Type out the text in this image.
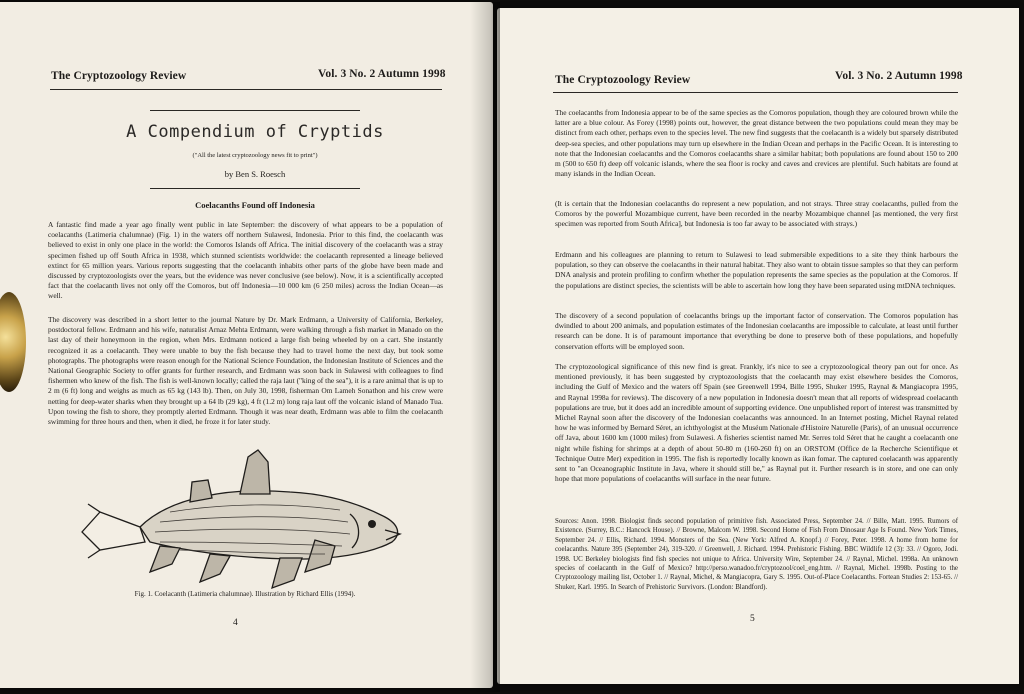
The Cryptozoology Review	Vol. 3 No. 2 Autumn 1998
A Compendium of Cryptids
("All the latest cryptozoology news fit to print")
by Ben S. Roesch
Coelacanths Found off Indonesia

A fantastic find made a year ago finally went public in late September: the discovery of what appears to be a population of coelacanths (Latimeria chalumnae) (Fig. 1) in the waters off northern Sulawesi, Indonesia. Prior to this find, the coelacanth was believed to exist in only one place in the world: the Comoros Islands off Africa. The initial discovery of the coelacanth was a stray specimen fished up off South Africa in 1938, which stunned scientists worldwide: the coelacanth represented a lineage believed extinct for 65 million years. Various reports suggesting that the coelacanth inhabits other parts of the globe have been made and discussed by cryptozoologists over the years, but the evidence was never conclusive (see below). Now, it is a scientifically accepted fact that the coelacanth lives not only off the Comoros, but off Indonesia—10 000 km (6 250 miles) across the Indian Ocean—as well.

The discovery was described in a short letter to the journal Nature by Dr. Mark Erdmann, a University of California, Berkeley, postdoctoral fellow. Erdmann and his wife, naturalist Arnaz Mehta Erdmann, were walking through a fish market in Manado on the last day of their honeymoon in the region, when Mrs. Erdmann noticed a large fish being wheeled by on a cart. She instantly recognized it as a coelacanth. They were unable to buy the fish because they had to travel home the next day, but took some photographs. The photographs were reason enough for the National Science Foundation, the Indonesian Institute of Sciences and the National Geographic Society to offer grants for further research, and Erdmann was soon back in Sulawesi with colleagues to find fishermen who knew of the fish. The fish is well-known locally; called the raja laut ("king of the sea"), it is a rare animal that is up to 2 m (6 ft) long and weighs as much as 65 kg (143 lb). Then, on July 30, 1998, fisherman Om Lameh Sonathon and his crew were netting for deep-water sharks when they brought up a 64 lb (29 kg), 4 ft (1.2 m) long raja laut off the volcanic island of Manado Tua. Upon towing the fish to shore, they promptly alerted Erdmann. Though it was near death, Erdmann was able to film the coelacanth swimming for three hours and then, when it died, he froze it for later study.

Fig. 1. Coelacanth (Latimeria chalumnae). Illustration by Richard Ellis (1994).
4
The Cryptozoology Review	Vol. 3 No. 2 Autumn 1998

The coelacanths from Indonesia appear to be of the same species as the Comoros population, though they are coloured brown while the latter are a blue colour. As Forey (1998) points out, however, the great distance between the two populations could mean they may be distinct from each other, perhaps even to the species level. The new find suggests that the coelacanth is a widely but sparsely distributed deep-sea species, and other populations may turn up elsewhere in the Indian Ocean and perhaps in the Pacific Ocean. It is interesting to note that the Indonesian coelacanths and the Comoros coelacanths share a similar habitat; both populations are found about 150 to 200 m (500 to 650 ft) deep off volcanic islands, where the sea floor is rocky and caves and crevices are plentiful. Such habitats are found at many islands in the Indian Ocean.

(It is certain that the Indonesian coelacanths do represent a new population, and not strays. Three stray coelacanths, pulled from the Comoros by the powerful Mozambique current, have been recorded in the nearby Mozambique channel [as mentioned, the very first specimen was reported from South Africa], but Indonesia is too far away to be associated with strays.)

Erdmann and his colleagues are planning to return to Sulawesi to lead submersible expeditions to a site they think harbours the population, so they can observe the coelacanths in their natural habitat. They also want to obtain tissue samples so that they can perform DNA analysis and protein profiling to confirm whether the population represents the same species as the population at the Comoros. If the populations are distinct species, the scientists will be able to ascertain how long they have been separated using mtDNA techniques.

The discovery of a second population of coelacanths brings up the important factor of conservation. The Comoros population has dwindled to about 200 animals, and population estimates of the Indonesian coelacanths are impossible to calculate, at least until further research can be done. It is of paramount importance that everything be done to preserve both of these populations, and hopefully conservation efforts will be employed soon.

The cryptozoological significance of this new find is great. Frankly, it's nice to see a cryptozoological theory pan out for once. As mentioned previously, it has been suggested by cryptozoologists that the coelacanth may exist elsewhere besides the Comoros, including the Gulf of Mexico and the waters off Spain (see Greenwell 1994, Bille 1995, Shuker 1995, Raynal & Mangiacopra 1995, and Raynal 1998a for reviews). The discovery of a new population in Indonesia doesn't mean that all reports of widespread coelacanth populations are true, but it does add an incredible amount of supporting evidence. One unpublished report of interest was transmitted by Michel Raynal soon after the discovery of the Indonesian coelacanths was announced. In an Internet posting, Michel Raynal related how he was informed by Bernard Séret, an ichthyologist at the Muséum Nationale d'Histoire Naturelle (Paris), of an unusual occurrence off Java, about 1600 km (1000 miles) from Sulawesi. A fisheries scientist named Mr. Serres told Séret that he caught a coelacanth one night while fishing for shrimps at a depth of about 50-80 m (160-260 ft) on an ORSTOM (Office de la Recherche Scientifique et Technique Outre Mer) expedition in 1995. The fish is reportedly locally known as ikan fomar. The captured coelacanth was apparently sent to "an Oceanographic Institute in Java, where it should still be," as Raynal put it. Further research is in store, and one can only hope that more populations of coelacanths will surface in the near future.

Sources: Anon. 1998. Biologist finds second population of primitive fish. Associated Press, September 24. // Bille, Matt. 1995. Rumors of Existence. (Surrey, B.C.: Hancock House). // Browne, Malcom W. 1998. Second Home of Fish From Dinosaur Age Is Found. New York Times, September 24. // Ellis, Richard. 1994. Monsters of the Sea. (New York: Alfred A. Knopf.) // Forey, Peter. 1998. A home from home for coelacanths. Nature 395 (September 24), 319-320. // Greenwell, J. Richard. 1994. Prehistoric Fishing. BBC Wildlife 12 (3): 33. // Ogoro, Jodi. 1998. UC Berkeley biologists find fish species not unique to Africa. University Wire, September 24. // Raynal, Michel. 1998a. An unknown species of coelacanth in the Gulf of Mexico? http://perso.wanadoo.fr/cryptozool/coel_eng.htm. // Raynal, Michel. 1998b. Posting to the Cryptozoology mailing list, October 1. // Raynal, Michel, & Mangiacopra, Gary S. 1995. Out-of-Place Coelacanths. Fortean Studies 2: 153-65. // Shuker, Karl. 1995. In Search of Prehistoric Survivors. (London: Blandford).

5
